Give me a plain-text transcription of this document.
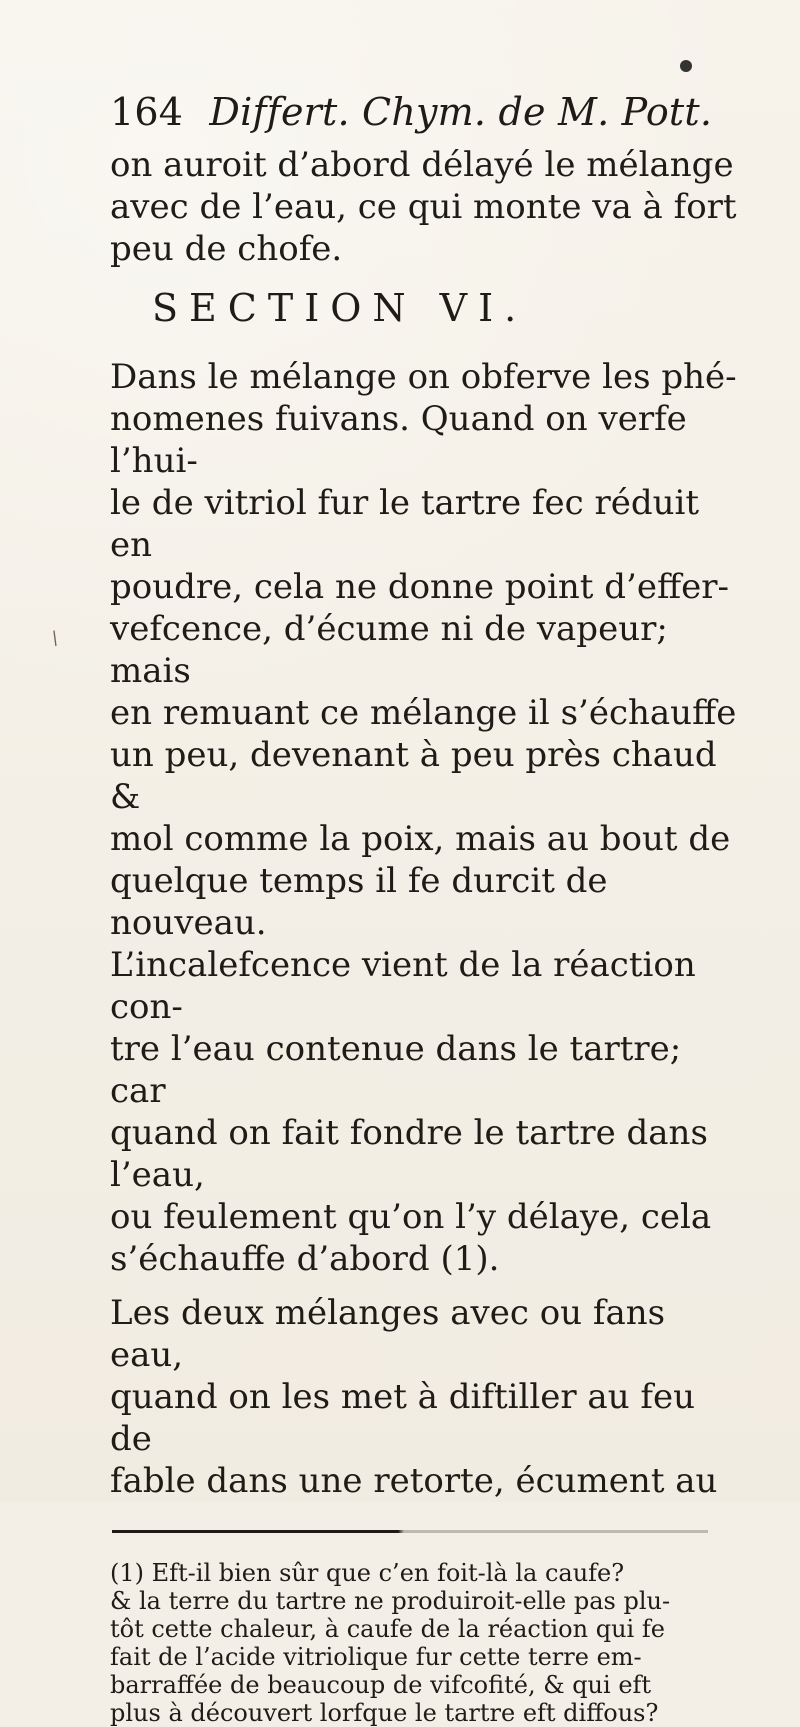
/
164 Differt. Chym. de M. Pott.

on auroit d’abord délayé le mélange
avec de l’eau, ce qui monte va à fort
peu de chofe.

SECTION VI.

Dans le mélange on obferve les phé-
nomenes fuivans. Quand on verfe l’hui-
le de vitriol fur le tartre fec réduit en
poudre, cela ne donne point d’effer-
vefcence, d’écume ni de vapeur; mais
en remuant ce mélange il s’échauffe
un peu, devenant à peu près chaud &
mol comme la poix, mais au bout de
quelque temps il fe durcit de nouveau.
L’incalefcence vient de la réaction con-
tre l’eau contenue dans le tartre; car
quand on fait fondre le tartre dans l’eau,
ou feulement qu’on l’y délaye, cela
s’échauffe d’abord (1).

Les deux mélanges avec ou fans eau,
quand on les met à diftiller au feu de
fable dans une retorte, écument au

(1) Eft-il bien sûr que c’en foit-là la caufe?
& la terre du tartre ne produiroit-elle pas plu-
tôt cette chaleur, à caufe de la réaction qui fe
fait de l’acide vitriolique fur cette terre em-
barraffée de beaucoup de vifcofité, & qui eft
plus à découvert lorfque le tartre eft diffous?
